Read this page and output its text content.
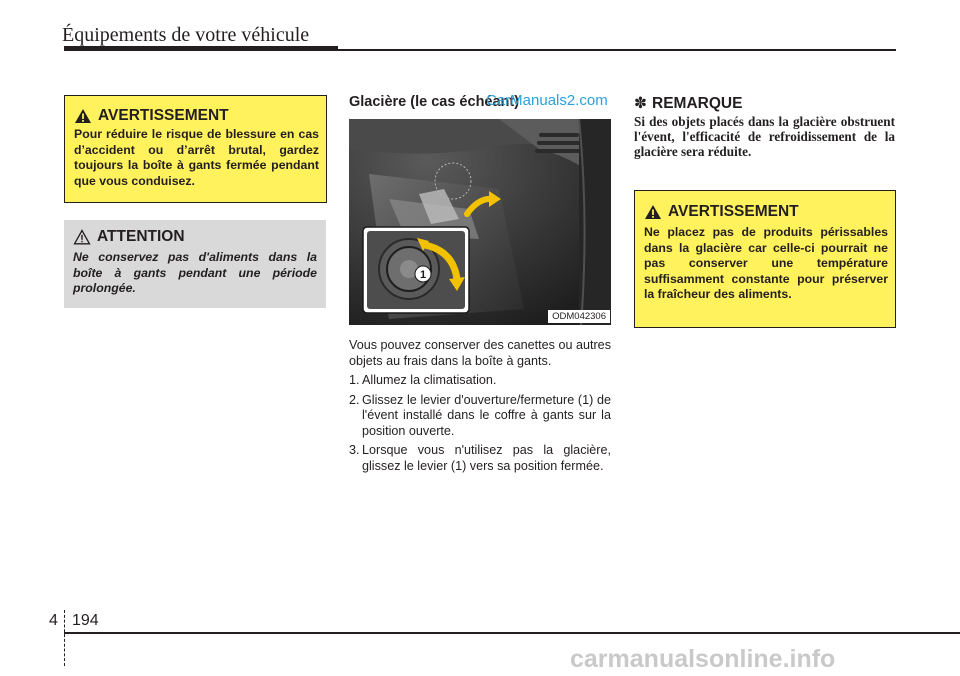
Équipements de votre véhicule
AVERTISSEMENT
Pour réduire le risque de blessure en cas d’accident ou d’arrêt brutal, gardez toujours la boîte à gants fermée pendant que vous conduisez.
ATTENTION
Ne conservez pas d'aliments dans la boîte à gants pendant une période prolongée.
Glacière (le cas échéant)
CarManuals2.com
1
ODM042306

Vous pouvez conserver des canettes ou autres objets au frais dans la boîte à gants.

1. Allumez la climatisation.
2. Glissez le levier d'ouverture/fermeture (1) de l'évent installé dans le coffre à gants sur la position ouverte.
3. Lorsque vous n'utilisez pas la glacière, glissez le levier (1) vers sa position fermée.
✽ REMARQUE
Si des objets placés dans la glacière obstruent l'évent, l'efficacité de refroidissement de la glacière sera réduite.
AVERTISSEMENT
Ne placez pas de produits périssables dans la glacière car celle-ci pourrait ne pas conserver une température suffisamment constante pour préserver la fraîcheur des aliments.
4 194
carmanualsonline.info
